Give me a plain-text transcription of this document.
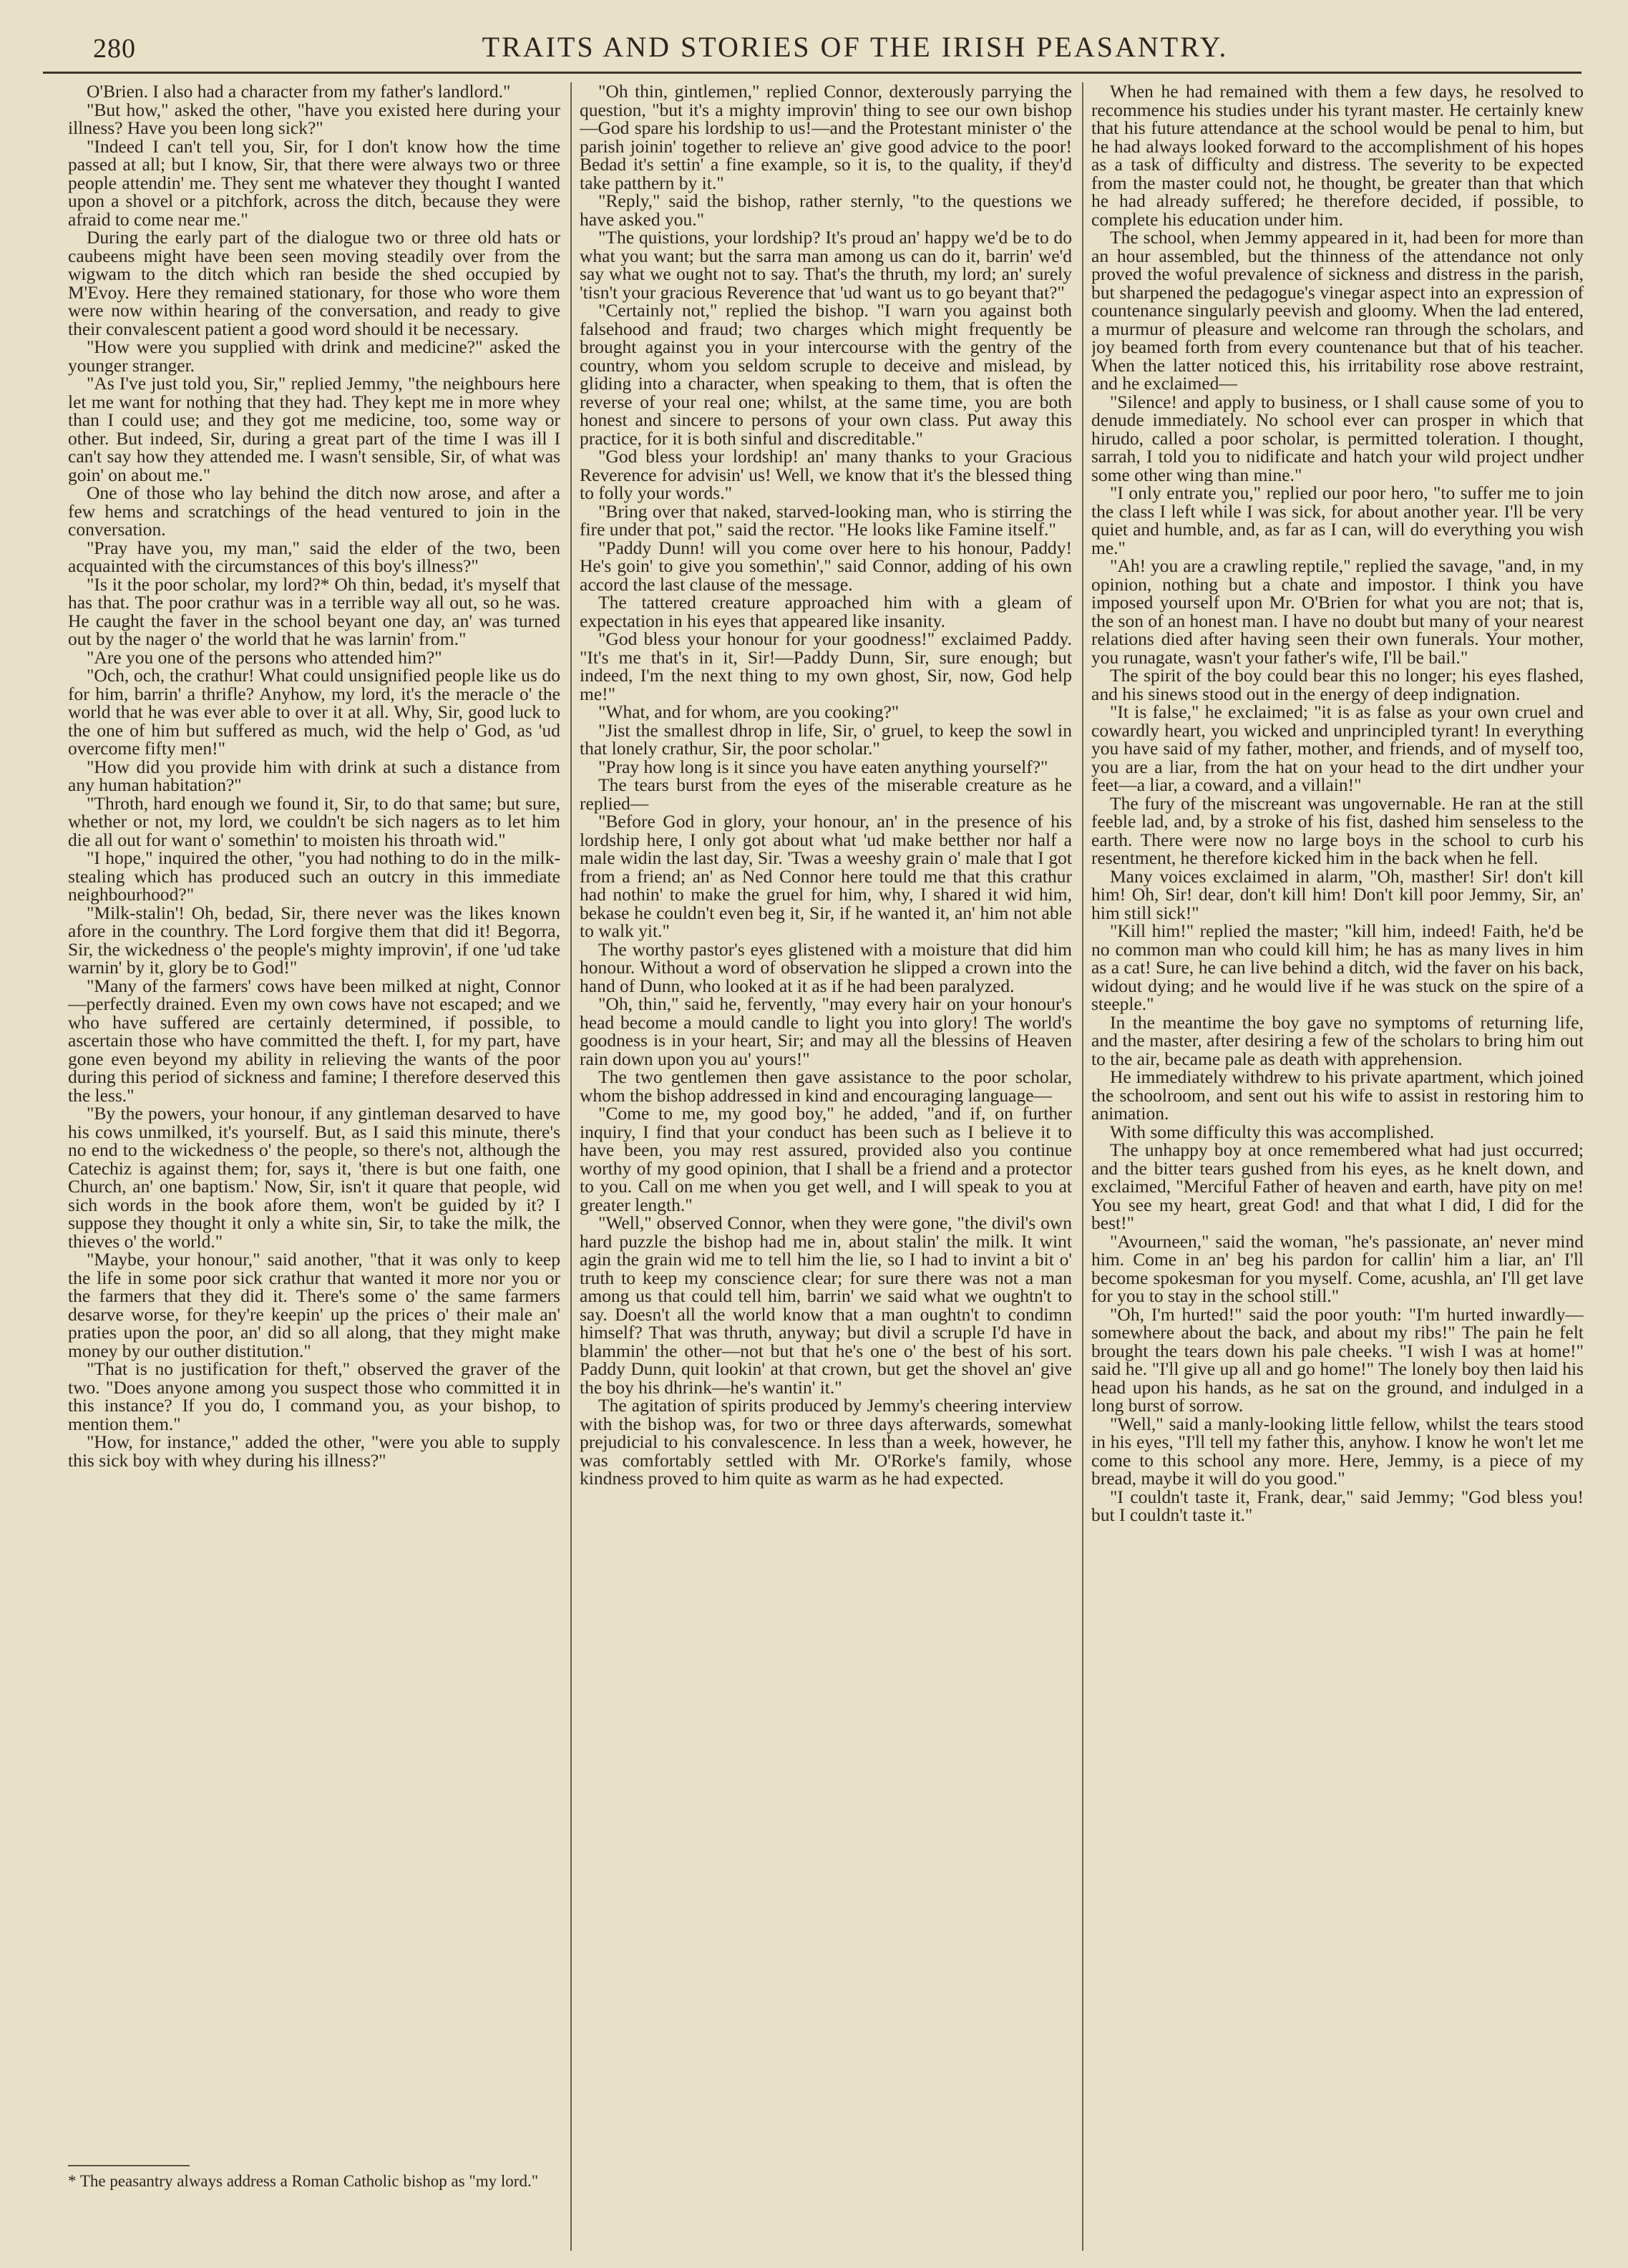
280	TRAITS AND STORIES OF THE IRISH PEASANTRY.

O'Brien. I also had a character from my father's landlord."

"But how," asked the other, "have you existed here during your illness? Have you been long sick?"

"Indeed I can't tell you, Sir, for I don't know how the time passed at all; but I know, Sir, that there were always two or three people attendin' me. They sent me whatever they thought I wanted upon a shovel or a pitchfork, across the ditch, because they were afraid to come near me."

During the early part of the dialogue two or three old hats or caubeens might have been seen moving steadily over from the wigwam to the ditch which ran beside the shed occupied by M'Evoy. Here they remained stationary, for those who wore them were now within hearing of the conversation, and ready to give their convalescent patient a good word should it be necessary.

"How were you supplied with drink and medicine?" asked the younger stranger.

"As I've just told you, Sir," replied Jemmy, "the neighbours here let me want for nothing that they had. They kept me in more whey than I could use; and they got me medicine, too, some way or other. But indeed, Sir, during a great part of the time I was ill I can't say how they attended me. I wasn't sensible, Sir, of what was goin' on about me."

One of those who lay behind the ditch now arose, and after a few hems and scratchings of the head ventured to join in the conversation.

"Pray have you, my man," said the elder of the two, been acquainted with the circumstances of this boy's illness?"

"Is it the poor scholar, my lord?* Oh thin, bedad, it's myself that has that. The poor crathur was in a terrible way all out, so he was. He caught the faver in the school beyant one day, an' was turned out by the nager o' the world that he was larnin' from."

"Are you one of the persons who attended him?"

"Och, och, the crathur! What could unsignified people like us do for him, barrin' a thrifle? Anyhow, my lord, it's the meracle o' the world that he was ever able to over it at all. Why, Sir, good luck to the one of him but suffered as much, wid the help o' God, as 'ud overcome fifty men!"

"How did you provide him with drink at such a distance from any human habitation?"

"Throth, hard enough we found it, Sir, to do that same; but sure, whether or not, my lord, we couldn't be sich nagers as to let him die all out for want o' somethin' to moisten his throath wid."

"I hope," inquired the other, "you had nothing to do in the milk-stealing which has produced such an outcry in this immediate neighbourhood?"

"Milk-stalin'! Oh, bedad, Sir, there never was the likes known afore in the counthry. The Lord forgive them that did it! Begorra, Sir, the wickedness o' the people's mighty improvin', if one 'ud take warnin' by it, glory be to God!"

"Many of the farmers' cows have been milked at night, Connor—perfectly drained. Even my own cows have not escaped; and we who have suffered are certainly determined, if possible, to ascertain those who have committed the theft. I, for my part, have gone even beyond my ability in relieving the wants of the poor during this period of sickness and famine; I therefore deserved this the less."

"By the powers, your honour, if any gintleman desarved to have his cows unmilked, it's yourself. But, as I said this minute, there's no end to the wickedness o' the people, so there's not, although the Catechiz is against them; for, says it, 'there is but one faith, one Church, an' one baptism.' Now, Sir, isn't it quare that people, wid sich words in the book afore them, won't be guided by it? I suppose they thought it only a white sin, Sir, to take the milk, the thieves o' the world."

"Maybe, your honour," said another, "that it was only to keep the life in some poor sick crathur that wanted it more nor you or the farmers that they did it. There's some o' the same farmers desarve worse, for they're keepin' up the prices o' their male an' praties upon the poor, an' did so all along, that they might make money by our outher distitution."

"That is no justification for theft," observed the graver of the two. "Does anyone among you suspect those who committed it in this instance? If you do, I command you, as your bishop, to mention them."

"How, for instance," added the other, "were you able to supply this sick boy with whey during his illness?"

* The peasantry always address a Roman Catholic bishop as "my lord."

"Oh thin, gintlemen," replied Connor, dexterously parrying the question, "but it's a mighty improvin' thing to see our own bishop—God spare his lordship to us!—and the Protestant minister o' the parish joinin' together to relieve an' give good advice to the poor! Bedad it's settin' a fine example, so it is, to the quality, if they'd take patthern by it."

"Reply," said the bishop, rather sternly, "to the questions we have asked you."

"The quistions, your lordship? It's proud an' happy we'd be to do what you want; but the sarra man among us can do it, barrin' we'd say what we ought not to say. That's the thruth, my lord; an' surely 'tisn't your gracious Reverence that 'ud want us to go beyant that?"

"Certainly not," replied the bishop. "I warn you against both falsehood and fraud; two charges which might frequently be brought against you in your intercourse with the gentry of the country, whom you seldom scruple to deceive and mislead, by gliding into a character, when speaking to them, that is often the reverse of your real one; whilst, at the same time, you are both honest and sincere to persons of your own class. Put away this practice, for it is both sinful and discreditable."

"God bless your lordship! an' many thanks to your Gracious Reverence for advisin' us! Well, we know that it's the blessed thing to folly your words."

"Bring over that naked, starved-looking man, who is stirring the fire under that pot," said the rector. "He looks like Famine itself."

"Paddy Dunn! will you come over here to his honour, Paddy! He's goin' to give you somethin'," said Connor, adding of his own accord the last clause of the message.

The tattered creature approached him with a gleam of expectation in his eyes that appeared like insanity.

"God bless your honour for your goodness!" exclaimed Paddy. "It's me that's in it, Sir!—Paddy Dunn, Sir, sure enough; but indeed, I'm the next thing to my own ghost, Sir, now, God help me!"

"What, and for whom, are you cooking?"

"Jist the smallest dhrop in life, Sir, o' gruel, to keep the sowl in that lonely crathur, Sir, the poor scholar."

"Pray how long is it since you have eaten anything yourself?"

The tears burst from the eyes of the miserable creature as he replied—

"Before God in glory, your honour, an' in the presence of his lordship here, I only got about what 'ud make betther nor half a male widin the last day, Sir. 'Twas a weeshy grain o' male that I got from a friend; an' as Ned Connor here tould me that this crathur had nothin' to make the gruel for him, why, I shared it wid him, bekase he couldn't even beg it, Sir, if he wanted it, an' him not able to walk yit."

The worthy pastor's eyes glistened with a moisture that did him honour. Without a word of observation he slipped a crown into the hand of Dunn, who looked at it as if he had been paralyzed.

"Oh, thin," said he, fervently, "may every hair on your honour's head become a mould candle to light you into glory! The world's goodness is in your heart, Sir; and may all the blessins of Heaven rain down upon you au' yours!"

The two gentlemen then gave assistance to the poor scholar, whom the bishop addressed in kind and encouraging language—

"Come to me, my good boy," he added, "and if, on further inquiry, I find that your conduct has been such as I believe it to have been, you may rest assured, provided also you continue worthy of my good opinion, that I shall be a friend and a protector to you. Call on me when you get well, and I will speak to you at greater length."

"Well," observed Connor, when they were gone, "the divil's own hard puzzle the bishop had me in, about stalin' the milk. It wint agin the grain wid me to tell him the lie, so I had to invint a bit o' truth to keep my conscience clear; for sure there was not a man among us that could tell him, barrin' we said what we oughtn't to say. Doesn't all the world know that a man oughtn't to condimn himself? That was thruth, anyway; but divil a scruple I'd have in blammin' the other—not but that he's one o' the best of his sort. Paddy Dunn, quit lookin' at that crown, but get the shovel an' give the boy his dhrink—he's wantin' it."

The agitation of spirits produced by Jemmy's cheering interview with the bishop was, for two or three days afterwards, somewhat prejudicial to his convalescence. In less than a week, however, he was comfortably settled with Mr. O'Rorke's family, whose kindness proved to him quite as warm as he had expected.

When he had remained with them a few days, he resolved to recommence his studies under his tyrant master. He certainly knew that his future attendance at the school would be penal to him, but he had always looked forward to the accomplishment of his hopes as a task of difficulty and distress. The severity to be expected from the master could not, he thought, be greater than that which he had already suffered; he therefore decided, if possible, to complete his education under him.

The school, when Jemmy appeared in it, had been for more than an hour assembled, but the thinness of the attendance not only proved the woful prevalence of sickness and distress in the parish, but sharpened the pedagogue's vinegar aspect into an expression of countenance singularly peevish and gloomy. When the lad entered, a murmur of pleasure and welcome ran through the scholars, and joy beamed forth from every countenance but that of his teacher. When the latter noticed this, his irritability rose above restraint, and he exclaimed—

"Silence! and apply to business, or I shall cause some of you to denude immediately. No school ever can prosper in which that hirudo, called a poor scholar, is permitted toleration. I thought, sarrah, I told you to nidificate and hatch your wild project undher some other wing than mine."

"I only entrate you," replied our poor hero, "to suffer me to join the class I left while I was sick, for about another year. I'll be very quiet and humble, and, as far as I can, will do everything you wish me."

"Ah! you are a crawling reptile," replied the savage, "and, in my opinion, nothing but a chate and impostor. I think you have imposed yourself upon Mr. O'Brien for what you are not; that is, the son of an honest man. I have no doubt but many of your nearest relations died after having seen their own funerals. Your mother, you runagate, wasn't your father's wife, I'll be bail."

The spirit of the boy could bear this no longer; his eyes flashed, and his sinews stood out in the energy of deep indignation.

"It is false," he exclaimed; "it is as false as your own cruel and cowardly heart, you wicked and unprincipled tyrant! In everything you have said of my father, mother, and friends, and of myself too, you are a liar, from the hat on your head to the dirt undher your feet—a liar, a coward, and a villain!"

The fury of the miscreant was ungovernable. He ran at the still feeble lad, and, by a stroke of his fist, dashed him senseless to the earth. There were now no large boys in the school to curb his resentment, he therefore kicked him in the back when he fell.

Many voices exclaimed in alarm, "Oh, masther! Sir! don't kill him! Oh, Sir! dear, don't kill him! Don't kill poor Jemmy, Sir, an' him still sick!"

"Kill him!" replied the master; "kill him, indeed! Faith, he'd be no common man who could kill him; he has as many lives in him as a cat! Sure, he can live behind a ditch, wid the faver on his back, widout dying; and he would live if he was stuck on the spire of a steeple."

In the meantime the boy gave no symptoms of returning life, and the master, after desiring a few of the scholars to bring him out to the air, became pale as death with apprehension.

He immediately withdrew to his private apartment, which joined the schoolroom, and sent out his wife to assist in restoring him to animation.

With some difficulty this was accomplished.

The unhappy boy at once remembered what had just occurred; and the bitter tears gushed from his eyes, as he knelt down, and exclaimed, "Merciful Father of heaven and earth, have pity on me! You see my heart, great God! and that what I did, I did for the best!"

"Avourneen," said the woman, "he's passionate, an' never mind him. Come in an' beg his pardon for callin' him a liar, an' I'll become spokesman for you myself. Come, acushla, an' I'll get lave for you to stay in the school still."

"Oh, I'm hurted!" said the poor youth: "I'm hurted inwardly—somewhere about the back, and about my ribs!" The pain he felt brought the tears down his pale cheeks. "I wish I was at home!" said he. "I'll give up all and go home!" The lonely boy then laid his head upon his hands, as he sat on the ground, and indulged in a long burst of sorrow.

"Well," said a manly-looking little fellow, whilst the tears stood in his eyes, "I'll tell my father this, anyhow. I know he won't let me come to this school any more. Here, Jemmy, is a piece of my bread, maybe it will do you good."

"I couldn't taste it, Frank, dear," said Jemmy; "God bless you! but I couldn't taste it."
